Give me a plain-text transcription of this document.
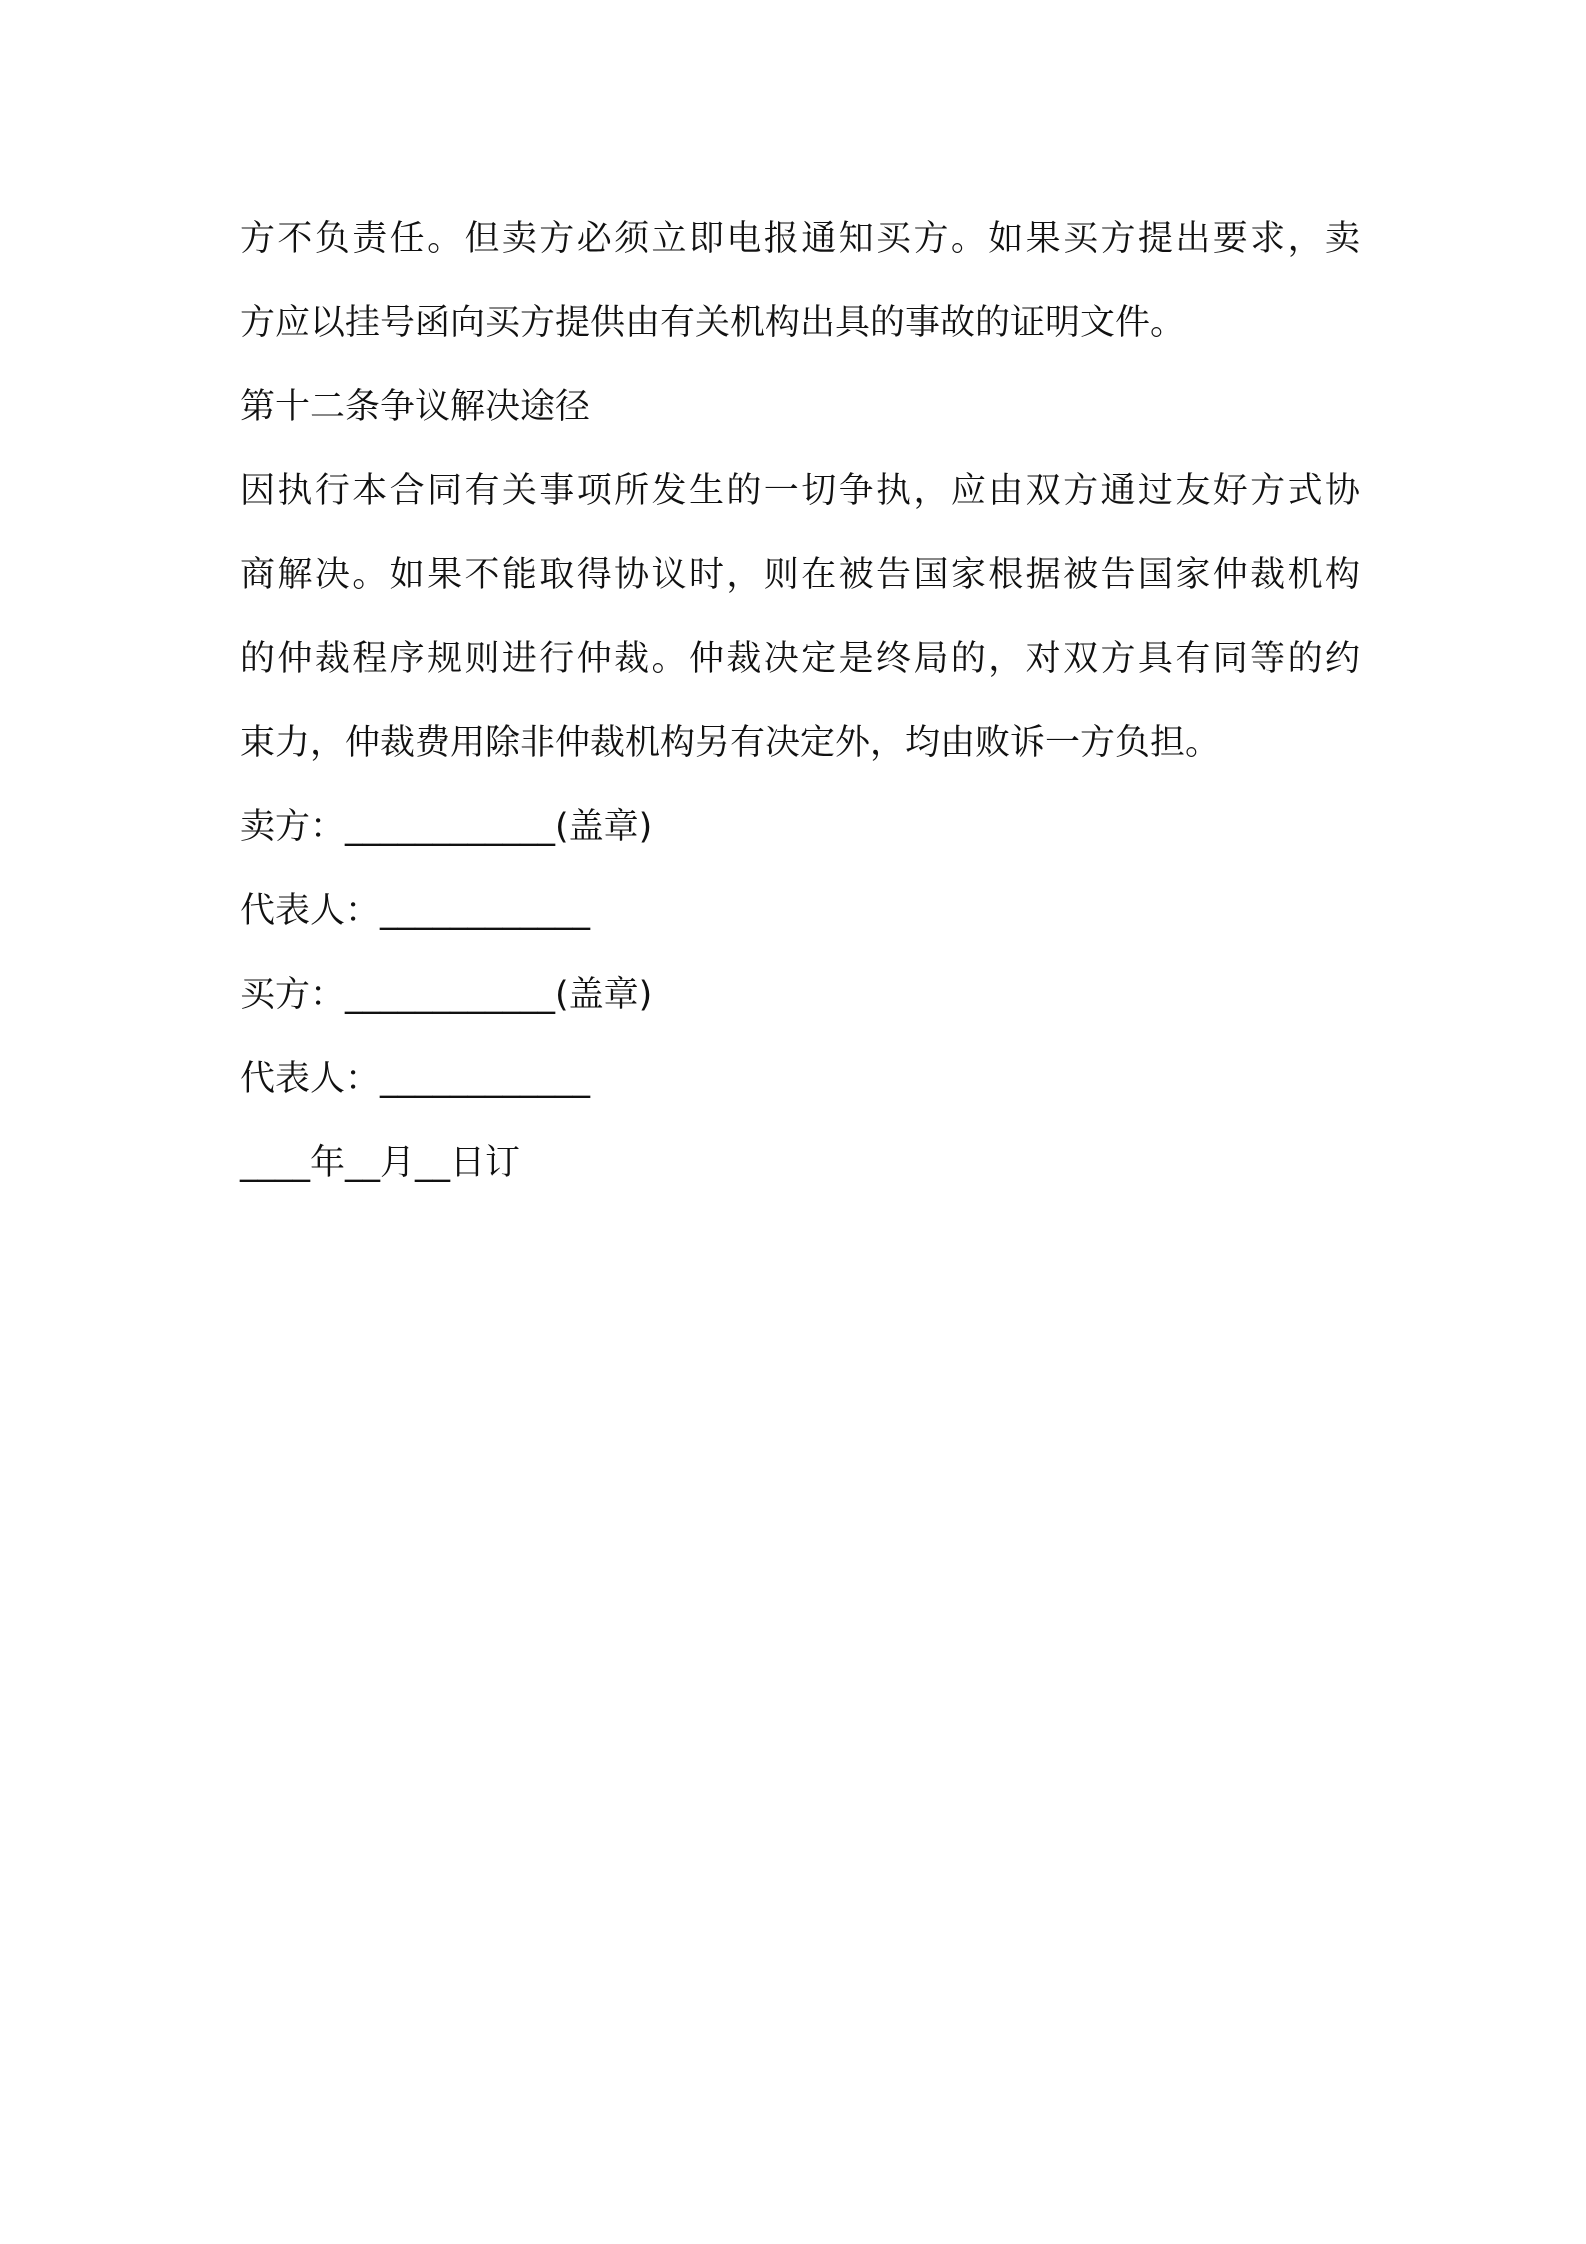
方不负责任。但卖方必须立即电报通知买方。如果买方提出要求，卖
方应以挂号函向买方提供由有关机构出具的事故的证明文件。
第十二条争议解决途径
因执行本合同有关事项所发生的一切争执，应由双方通过友好方式协
商解决。如果不能取得协议时，则在被告国家根据被告国家仲裁机构
的仲裁程序规则进行仲裁。仲裁决定是终局的，对双方具有同等的约
束力，仲裁费用除非仲裁机构另有决定外，均由败诉一方负担。
卖方：____________(盖章)
代表人：____________
买方：____________(盖章)
代表人：____________
____年__月__日订
